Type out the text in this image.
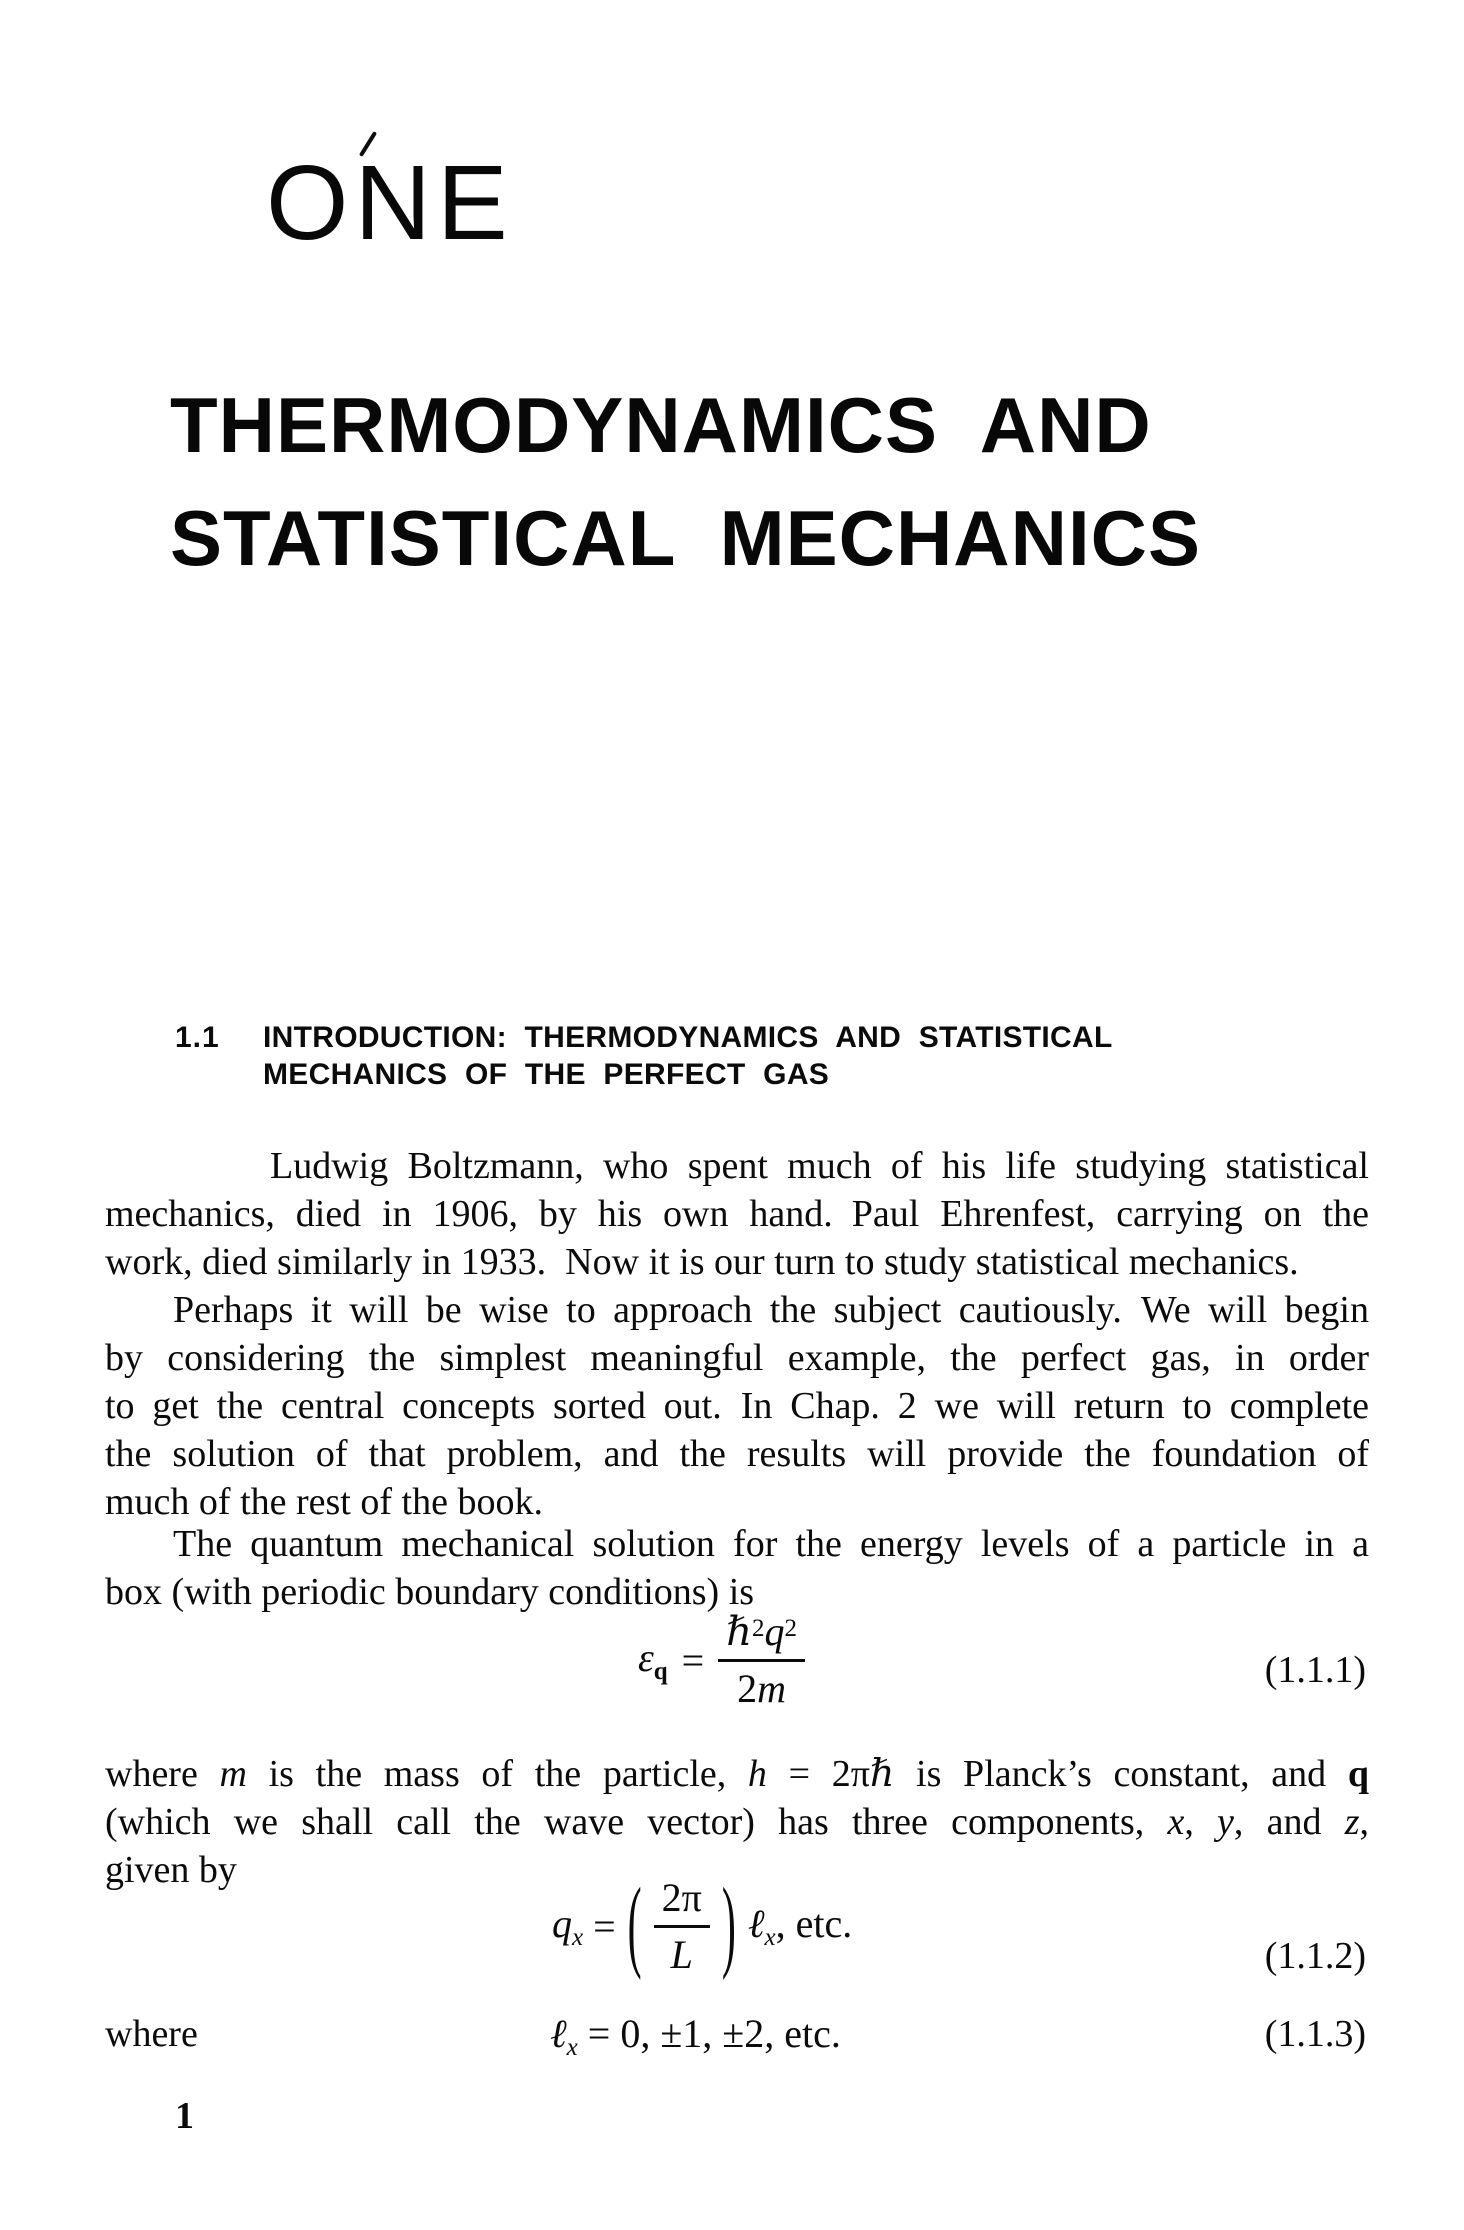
ONE
THERMODYNAMICS AND
STATISTICAL MECHANICS
1.1 INTRODUCTION: THERMODYNAMICS AND STATISTICAL
MECHANICS OF THE PERFECT GAS
Ludwig Boltzmann, who spent much of his life studying statistical
mechanics, died in 1906, by his own hand. Paul Ehrenfest, carrying on the
work, died similarly in 1933. Now it is our turn to study statistical mechanics.
Perhaps it will be wise to approach the subject cautiously. We will begin
by considering the simplest meaningful example, the perfect gas, in order
to get the central concepts sorted out. In Chap. 2 we will return to complete
the solution of that problem, and the results will provide the foundation of
much of the rest of the book.
The quantum mechanical solution for the energy levels of a particle in a
box (with periodic boundary conditions) is
$\varepsilon_q = \frac{\hbar^2q^2}{2m}$	(1.1.1)
where m is the mass of the particle, h = 2πℏ is Planck’s constant, and q
(which we shall call the wave vector) has three components, x, y, and z,
given by
$q_x$ = ( $\frac{2\pi}{L}$ ) ℓ$_x$, etc.
(1.1.2)
where	ℓ$_x$ = 0, ±1, ±2, etc.	(1.1.3)
1
